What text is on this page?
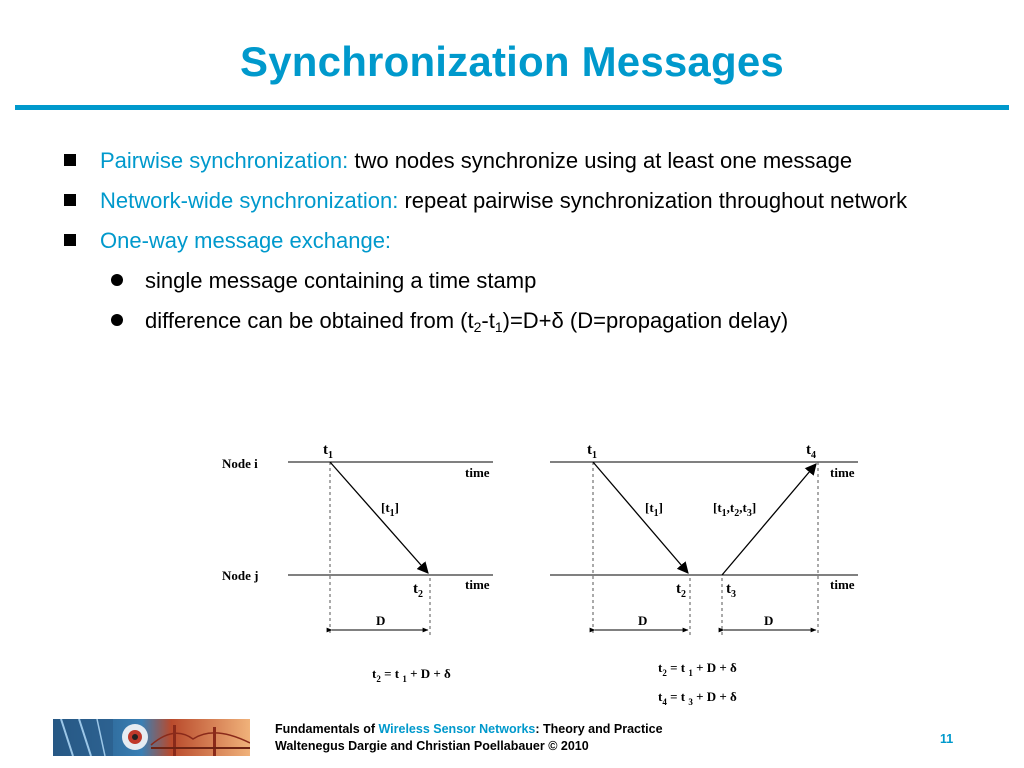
Synchronization Messages
Pairwise synchronization: two nodes synchronize using at least one message
Network-wide synchronization: repeat pairwise synchronization throughout network
One-way message exchange:
single message containing a time stamp
difference can be obtained from $(t_2-t_1)=D+\delta$ (D=propagation delay)
Node i
Node j
time
time
$t_1$
$t_2$
$[t_1]$
D
$t_2 = t$ $_1$ + D + δ
time
time
$t_1$	$t_4$
$t_2$	$t_3$
$[t_1]$	$[t_1,t_2,t_3]$
D	D
$t_2 = t$ $_1$ + D + δ
$t_4 = t$ $_3$ + D + δ
Fundamentals of Wireless Sensor Networks: Theory and Practice
Waltenegus Dargie and Christian Poellabauer © 2010	11
